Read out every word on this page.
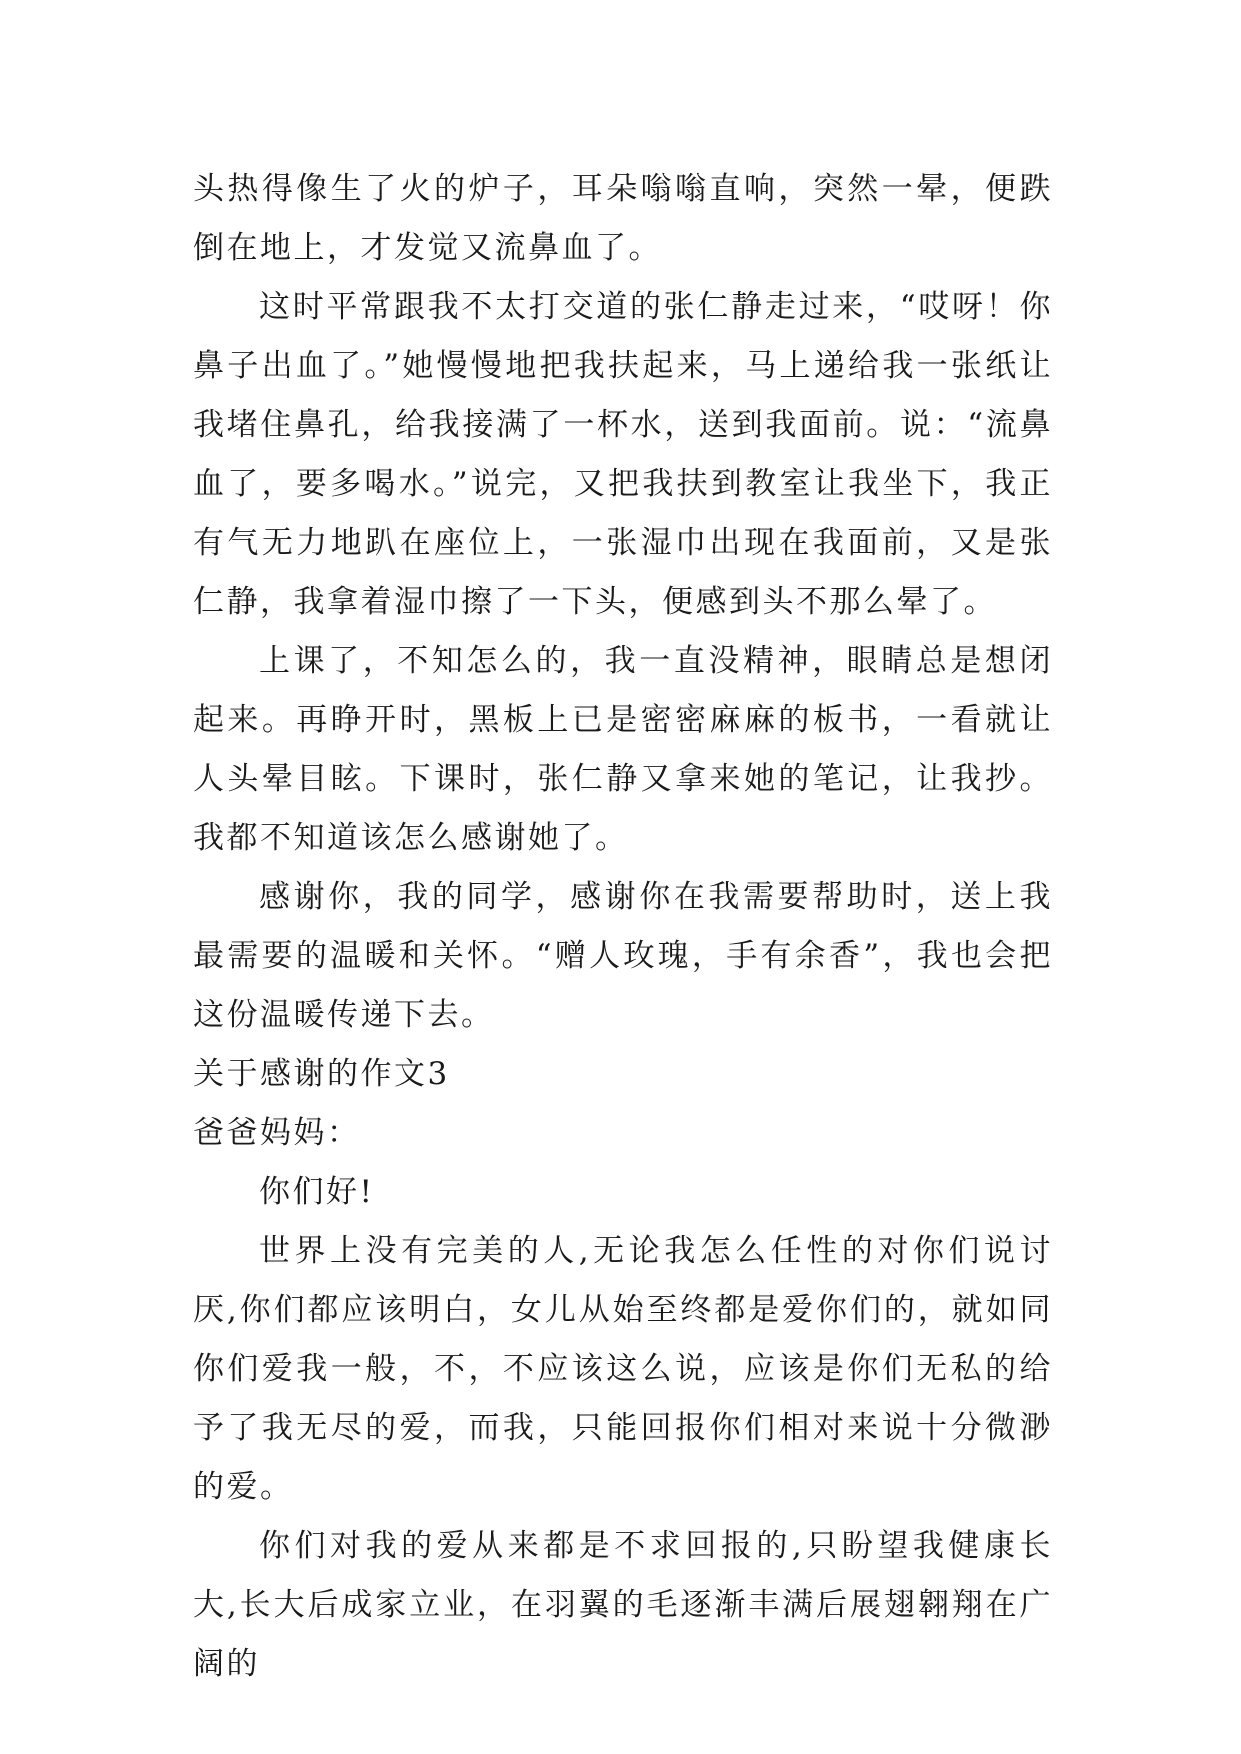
头热得像生了火的炉子，耳朵嗡嗡直响，突然一晕，便跌倒在地上，才发觉又流鼻血了。

这时平常跟我不太打交道的张仁静走过来，“哎呀！你鼻子出血了。”她慢慢地把我扶起来，马上递给我一张纸让我堵住鼻孔，给我接满了一杯水，送到我面前。说：“流鼻血了，要多喝水。”说完，又把我扶到教室让我坐下，我正有气无力地趴在座位上，一张湿巾出现在我面前，又是张仁静，我拿着湿巾擦了一下头，便感到头不那么晕了。

上课了，不知怎么的，我一直没精神，眼睛总是想闭起来。再睁开时，黑板上已是密密麻麻的板书，一看就让人头晕目眩。下课时，张仁静又拿来她的笔记，让我抄。我都不知道该怎么感谢她了。

感谢你，我的同学，感谢你在我需要帮助时，送上我最需要的温暖和关怀。“赠人玫瑰，手有余香”，我也会把这份温暖传递下去。

关于感谢的作文3

爸爸妈妈：

你们好!

世界上没有完美的人,无论我怎么任性的对你们说讨厌,你们都应该明白，女儿从始至终都是爱你们的，就如同你们爱我一般，不，不应该这么说，应该是你们无私的给予了我无尽的爱，而我，只能回报你们相对来说十分微渺的爱。

你们对我的爱从来都是不求回报的,只盼望我健康长大,长大后成家立业，在羽翼的毛逐渐丰满后展翅翱翔在广阔的
